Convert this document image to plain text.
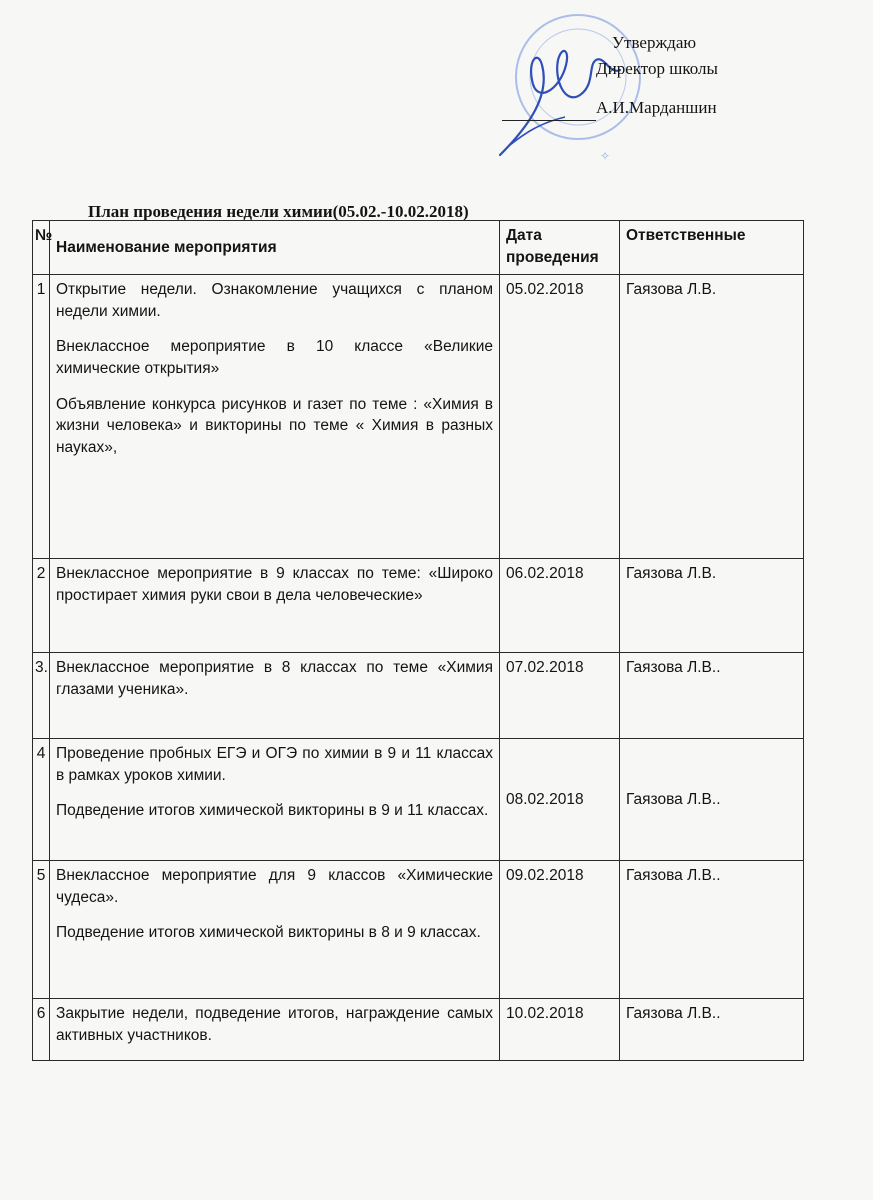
✧
Утверждаю
Директор школы
А.И.Марданшин
План проведения недели химии(05.02.-10.02.2018)
№	Наименование мероприятия	Дата проведения	Ответственные
1	Открытие недели. Ознакомление учащихся с планом недели химии.

Внеклассное мероприятие в 10 классе «Великие химические открытия»

Объявление конкурса рисунков и газет по теме : «Химия в жизни человека» и викторины по теме « Химия в разных науках»,	05.02.2018	Гаязова Л.В.
2	Внеклассное мероприятие в 9 классах по теме: «Широко простирает химия руки свои в дела человеческие»	06.02.2018	Гаязова Л.В.
3.	Внеклассное мероприятие в 8 классах по теме «Химия глазами ученика».	07.02.2018	Гаязова Л.В..
4	Проведение пробных ЕГЭ и ОГЭ по химии в 9 и 11 классах в рамках уроков химии.

Подведение итогов химической викторины в 9 и 11 классах.	08.02.2018	Гаязова Л.В..
5	Внеклассное мероприятие для 9 классов «Химические чудеса».

Подведение итогов химической викторины в 8 и 9 классах.	09.02.2018	Гаязова Л.В..
6	Закрытие недели, подведение итогов, награждение самых активных участников.	10.02.2018	Гаязова Л.В..
